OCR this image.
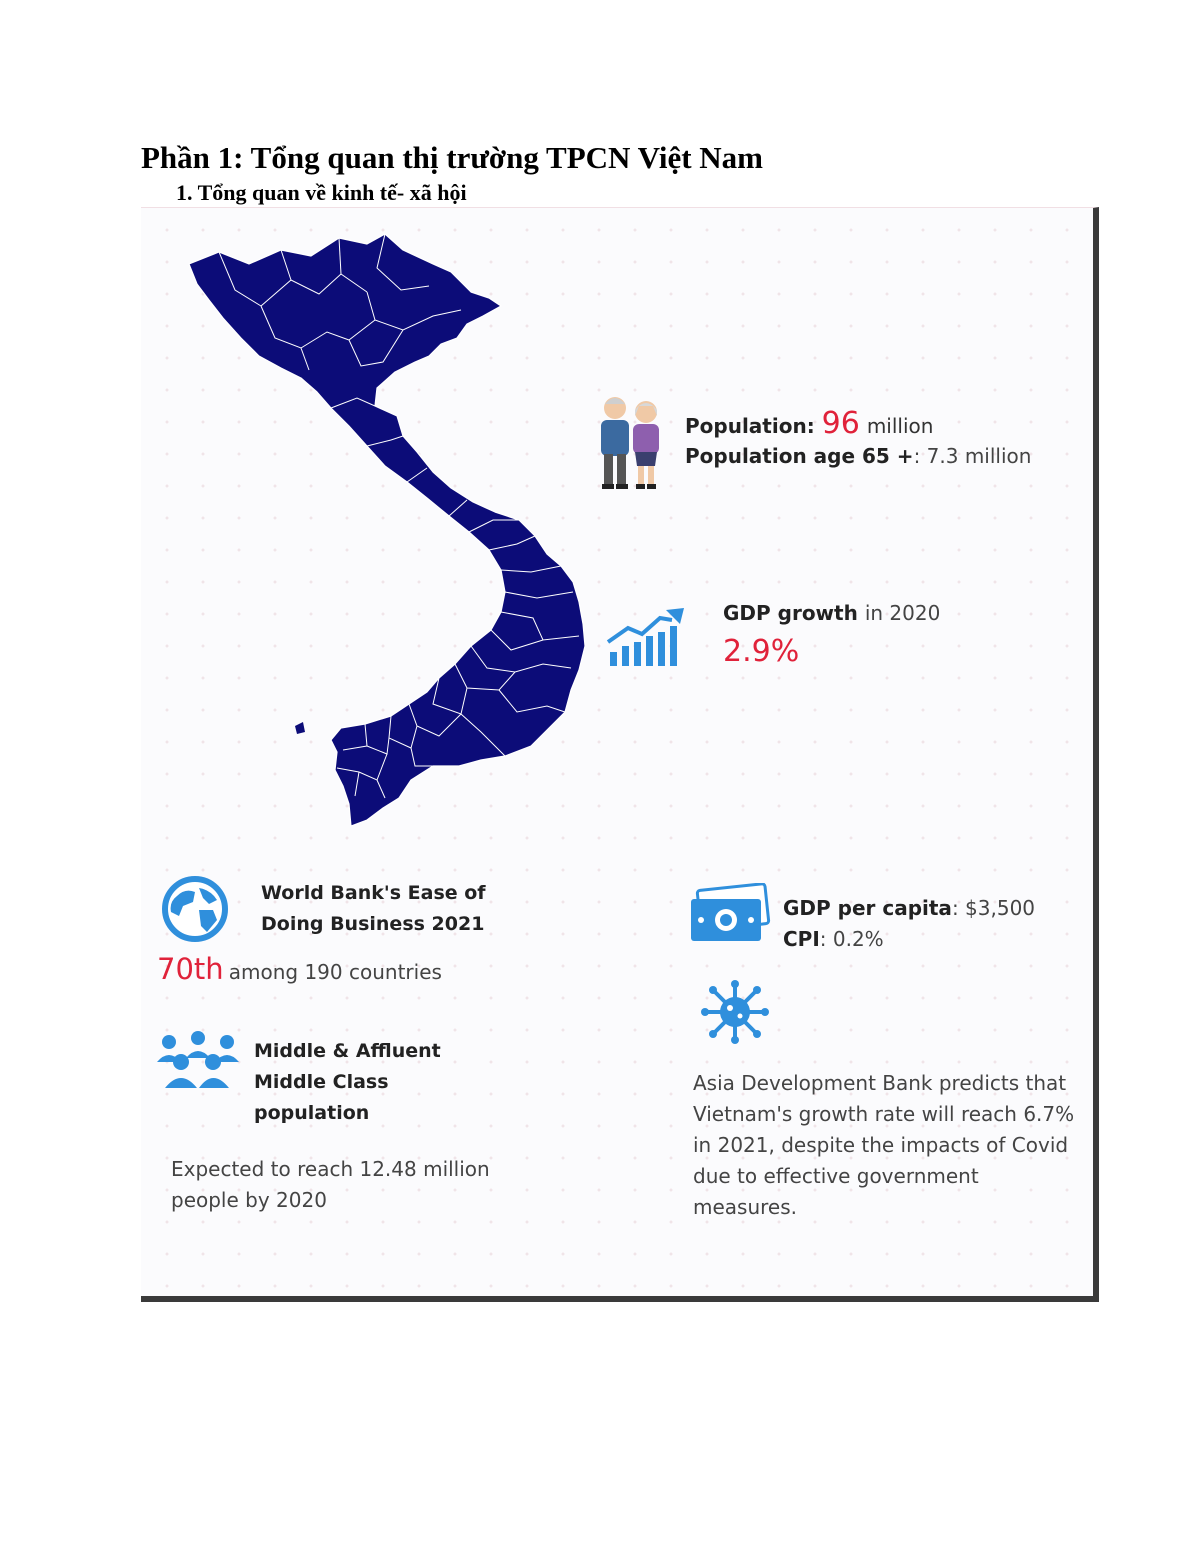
Phần 1: Tổng quan thị trường TPCN Việt Nam
1. Tổng quan về kinh tế- xã hội
Population: 96 million
Population age 65 +: 7.3 million
GDP growth in 2020
2.9%
World Bank's Ease of Doing Business 2021
70th among 190 countries
Middle & Affluent Middle Class population
Expected to reach 12.48 million people by 2020
GDP per capita: $3,500
CPI: 0.2%
Asia Development Bank predicts that Vietnam's growth rate will reach 6.7% in 2021, despite the impacts of Covid due to effective government measures.
